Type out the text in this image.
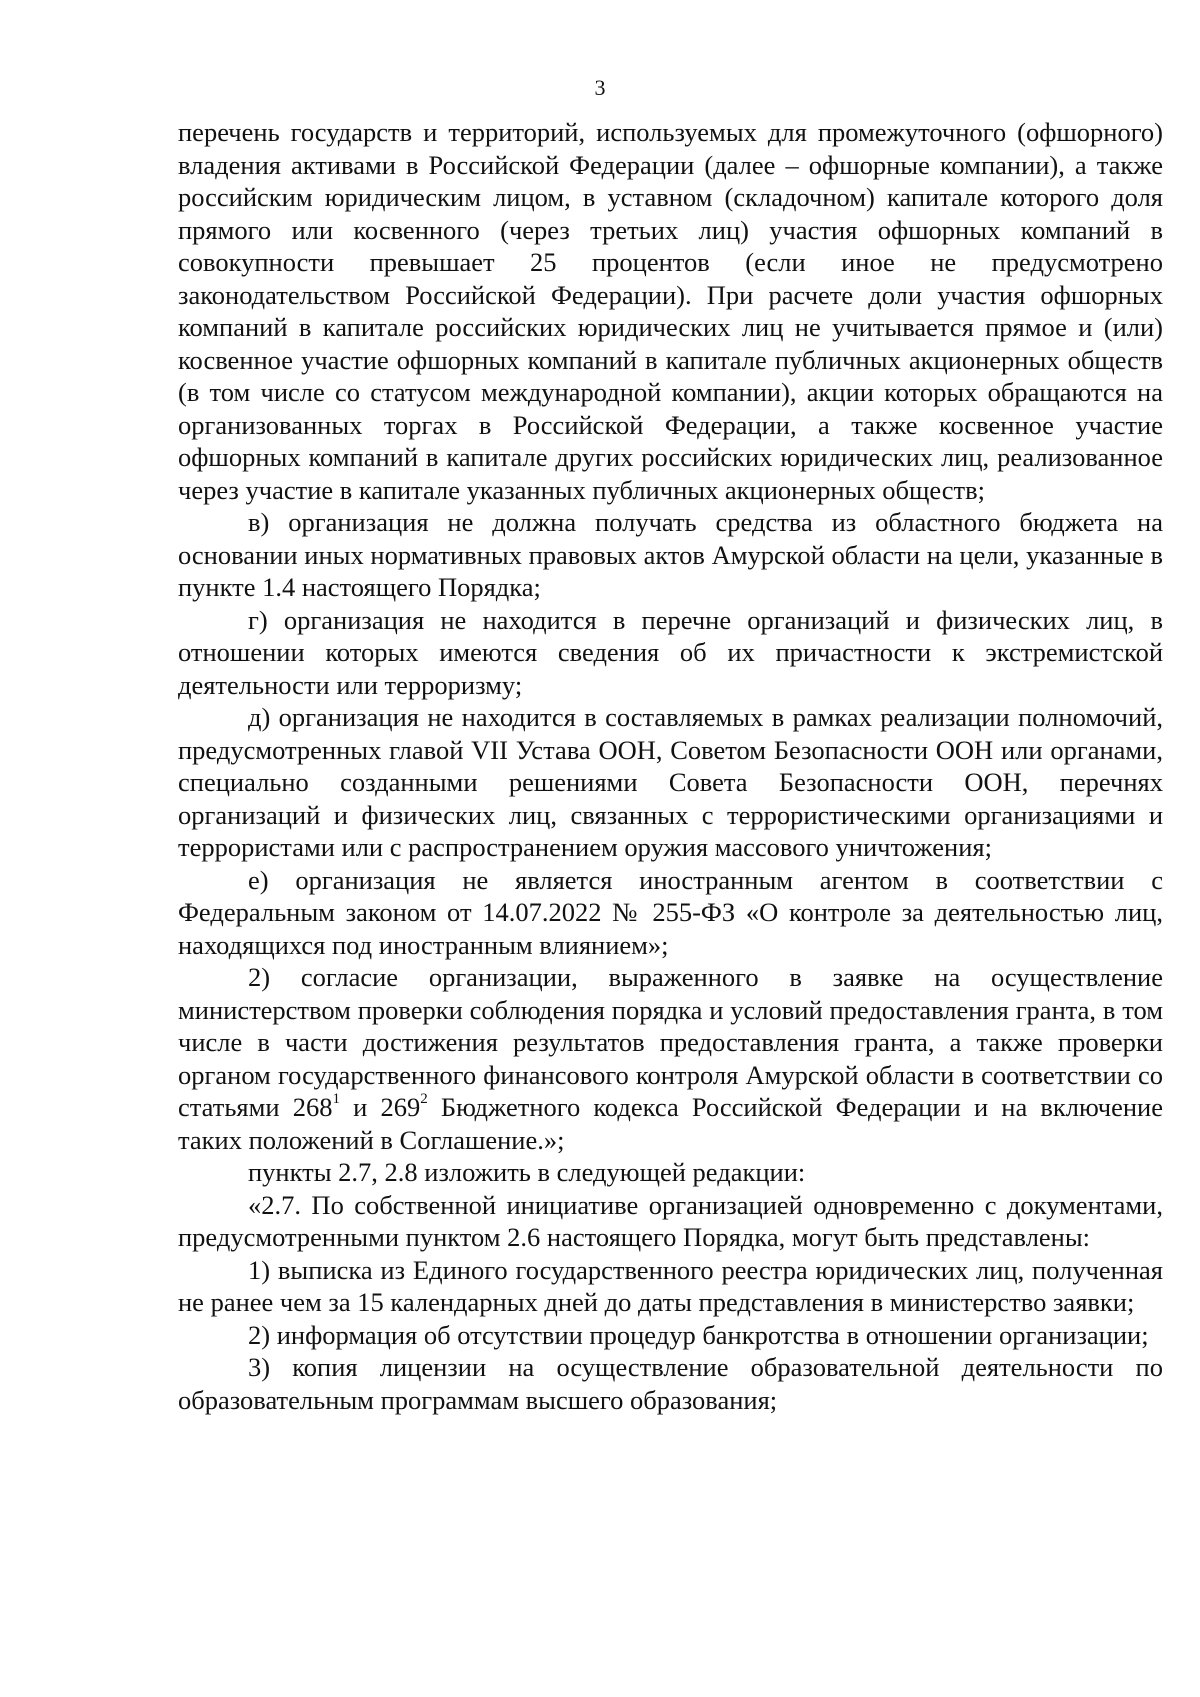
3

перечень государств и территорий, используемых для промежуточного (офшорного) владения активами в Российской Федерации (далее – офшорные компании), а также российским юридическим лицом, в уставном (складочном) капитале которого доля прямого или косвенного (через третьих лиц) участия офшорных компаний в совокупности превышает 25 процентов (если иное не предусмотрено законодательством Российской Федерации). При расчете доли участия офшорных компаний в капитале российских юридических лиц не учитывается прямое и (или) косвенное участие офшорных компаний в капитале публичных акционерных обществ (в том числе со статусом международной компании), акции которых обращаются на организованных торгах в Российской Федерации, а также косвенное участие офшорных компаний в капитале других российских юридических лиц, реализованное через участие в капитале указанных публичных акционерных обществ;

в) организация не должна получать средства из областного бюджета на основании иных нормативных правовых актов Амурской области на цели, указанные в пункте 1.4 настоящего Порядка;

г) организация не находится в перечне организаций и физических лиц, в отношении которых имеются сведения об их причастности к экстремистской деятельности или терроризму;

д) организация не находится в составляемых в рамках реализации полномочий, предусмотренных главой VII Устава ООН, Советом Безопасности ООН или органами, специально созданными решениями Совета Безопасности ООН, перечнях организаций и физических лиц, связанных с террористическими организациями и террористами или с распространением оружия массового уничтожения;

е) организация не является иностранным агентом в соответствии с Федеральным законом от 14.07.2022 № 255-ФЗ «О контроле за деятельностью лиц, находящихся под иностранным влиянием»;

2) согласие организации, выраженного в заявке на осуществление министерством проверки соблюдения порядка и условий предоставления гранта, в том числе в части достижения результатов предоставления гранта, а также проверки органом государственного финансового контроля Амурской области в соответствии со статьями $268^1$ и $269^2$ Бюджетного кодекса Российской Федерации и на включение таких положений в Соглашение.»;

пункты 2.7, 2.8 изложить в следующей редакции:

«2.7. По собственной инициативе организацией одновременно с документами, предусмотренными пунктом 2.6 настоящего Порядка, могут быть представлены:

1) выписка из Единого государственного реестра юридических лиц, полученная не ранее чем за 15 календарных дней до даты представления в министерство заявки;

2) информация об отсутствии процедур банкротства в отношении организации;

3) копия лицензии на осуществление образовательной деятельности по образовательным программам высшего образования;
